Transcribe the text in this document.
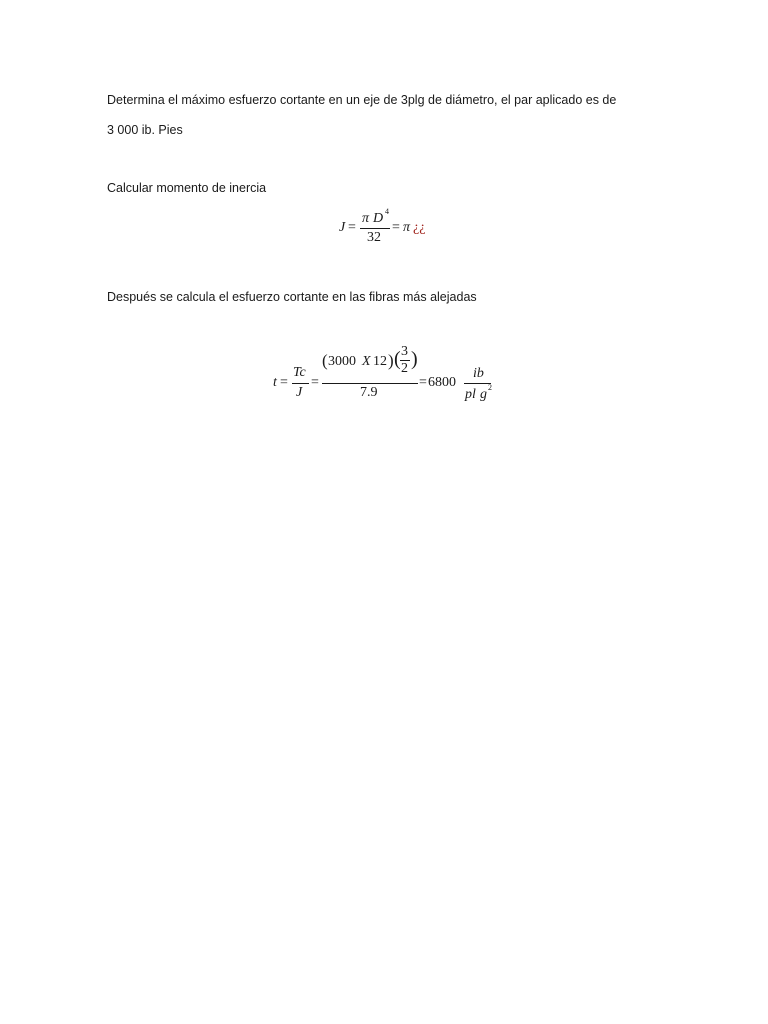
Determina el máximo esfuerzo cortante en un eje de 3plg de diámetro, el par aplicado es de
3 000 ib. Pies
Calcular momento de inercia
J =
π D 4
32
= π ¿¿
Después se calcula el esfuerzo cortante en las fibras más alejadas
t =
Tc
J
=
( 3000 X 12 ) ( 3
2 )
7.9
= 6800
ib
pl g 2
